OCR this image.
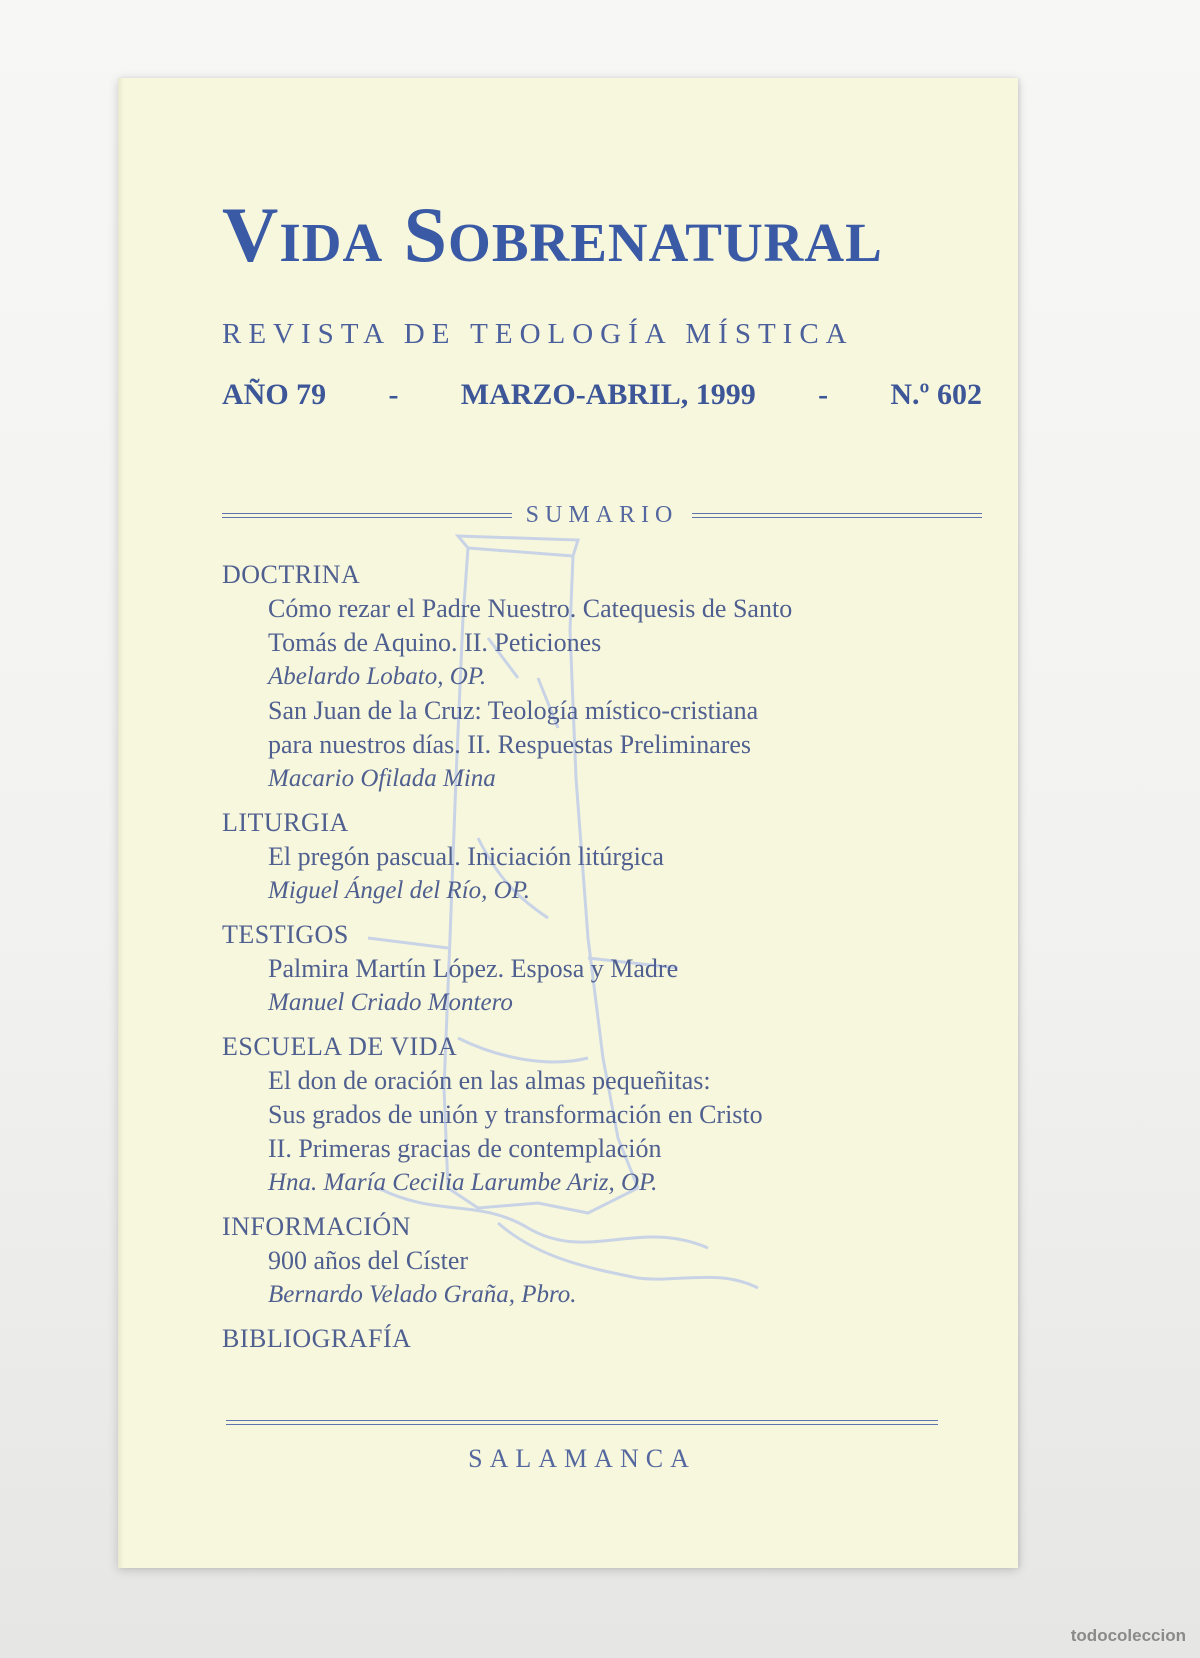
Vida Sobrenatural
REVISTA DE TEOLOGÍA MÍSTICA
AÑO 79 - MARZO-ABRIL, 1999 - N.º 602
SUMARIO
DOCTRINA
Cómo rezar el Padre Nuestro. Catequesis de Santo
Tomás de Aquino. II. Peticiones
Abelardo Lobato, OP.
San Juan de la Cruz: Teología místico-cristiana
para nuestros días. II. Respuestas Preliminares
Macario Ofilada Mina
LITURGIA
El pregón pascual. Iniciación litúrgica
Miguel Ángel del Río, OP.
TESTIGOS
Palmira Martín López. Esposa y Madre
Manuel Criado Montero
ESCUELA DE VIDA
El don de oración en las almas pequeñitas:
Sus grados de unión y transformación en Cristo
II. Primeras gracias de contemplación
Hna. María Cecilia Larumbe Ariz, OP.
INFORMACIÓN
900 años del Císter
Bernardo Velado Graña, Pbro.
BIBLIOGRAFÍA
SALAMANCA
todocoleccion
